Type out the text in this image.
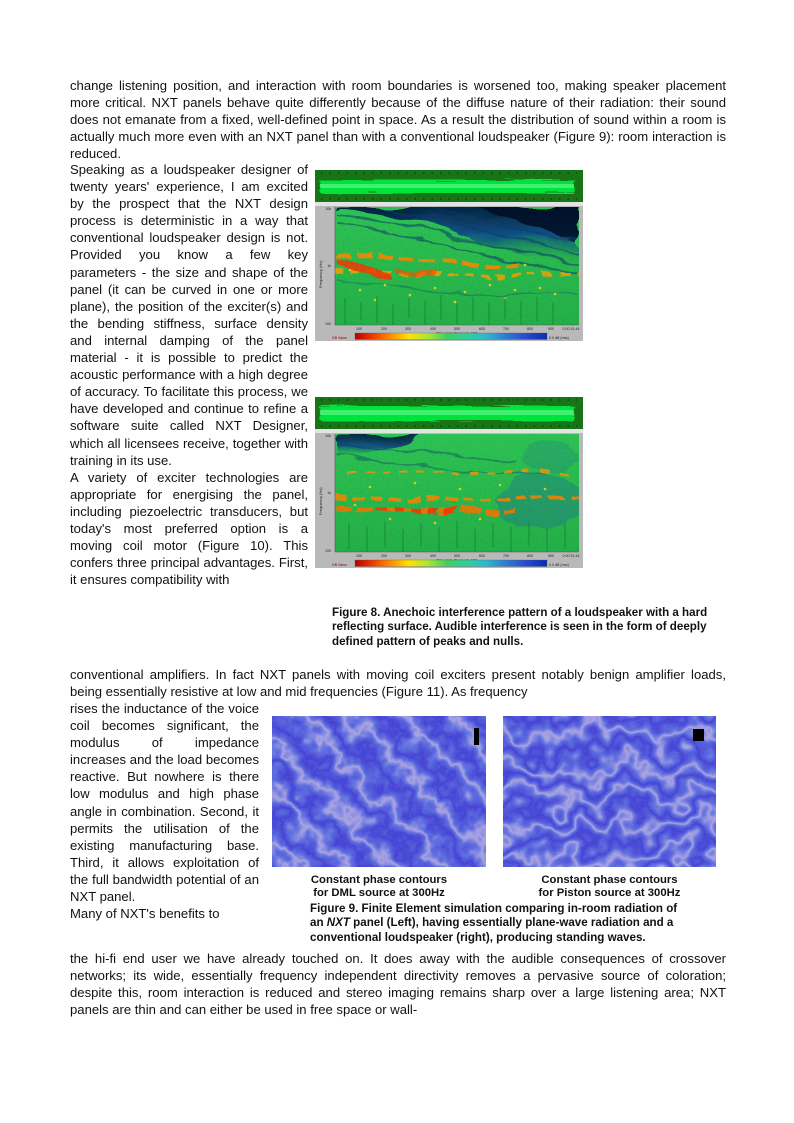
change listening position, and interaction with room boundaries is worsened too, making speaker placement more critical. NXT panels behave quite differently because of the diffuse nature of their radiation: their sound does not emanate from a fixed, well-defined point in space. As a result the distribution of sound within a room is actually much more even with an NXT panel than with a conventional loudspeaker (Figure 9): room interaction is reduced.

Speaking as a loudspeaker designer of twenty years' experience, I am excited by the prospect that the NXT design process is deterministic in a way that conventional loudspeaker design is not. Provided you know a few key parameters - the size and shape of the panel (it can be curved in one or more plane), the position of the exciter(s) and the bending stiffness, surface density and internal damping of the panel material - it is possible to predict the acoustic performance with a high degree of accuracy. To facilitate this process, we have developed and continue to refine a software suite called NXT Designer, which all licensees receive, together with training in its use.

A variety of exciter technologies are appropriate for energising the panel, including piezoelectric transducers, but today's most preferred option is a moving coil motor (Figure 10). This confers three principal advantages. First, it ensures compatibility with

10k
1k
100
Frequency (Hz)
100	200	300	400	500	600	700	800	900 0.00 51:44
DB Value	0.0 dB (rms)
10k
1k
100
Frequency (Hz)
100	200	300	400	500	600	700	800	900 0.00 51:44
DB Value	0.0 dB (rms)

Figure 8. Anechoic interference pattern of a loudspeaker with a hard reflecting surface. Audible interference is seen in the form of deeply defined pattern of peaks and nulls.

conventional amplifiers. In fact NXT panels with moving coil exciters present notably benign amplifier loads, being essentially resistive at low and mid frequencies (Figure 11). As frequency

rises the inductance of the voice coil becomes significant, the modulus of impedance increases and the load becomes reactive. But nowhere is there low modulus and high phase angle in combination. Second, it permits the utilisation of the existing manufacturing base. Third, it allows exploitation of the full bandwidth potential of an NXT panel.

Many of NXT's benefits to

Constant phase contours
for DML source at 300Hz

Constant phase contours
for Piston source at 300Hz

Figure 9. Finite Element simulation comparing in-room radiation of an NXT panel (Left), having essentially plane-wave radiation and a conventional loudspeaker (right), producing standing waves.

the hi-fi end user we have already touched on. It does away with the audible consequences of crossover networks; its wide, essentially frequency independent directivity removes a pervasive source of coloration; despite this, room interaction is reduced and stereo imaging remains sharp over a large listening area; NXT panels are thin and can either be used in free space or wall-
